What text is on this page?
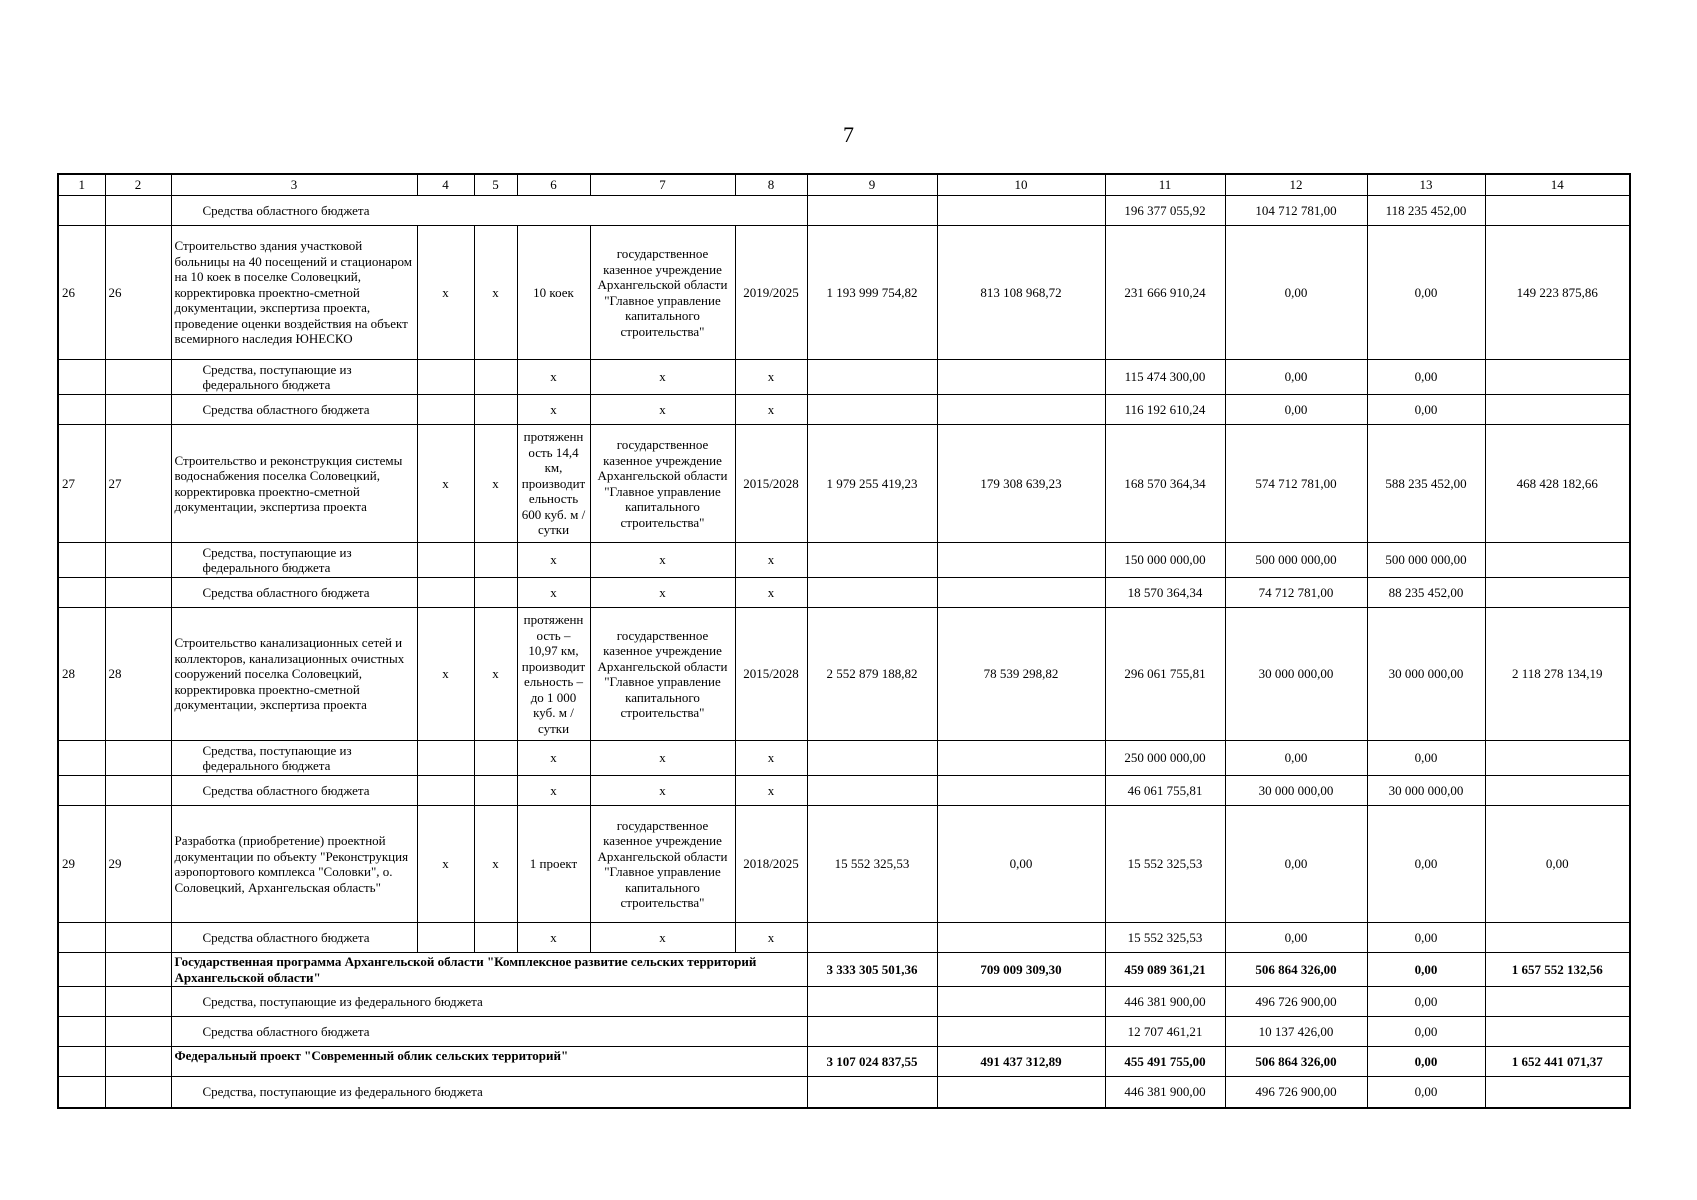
7
1	2	3	4	5	6	7	8	9	10	11	12	13	14
		Средства областного бюджета								196 377 055,92	104 712 781,00	118 235 452,00	
26	26	Строительство здания участковой больницы на 40 посещений и стационаром на 10 коек в поселке Соловецкий, корректировка проектно-сметной документации, экспертиза проекта, проведение оценки воздействия на объект всемирного наследия ЮНЕСКО	x	x	10 коек	государственное казенное учреждение Архангельской области "Главное управление капитального строительства"	2019/2025	1 193 999 754,82	813 108 968,72	231 666 910,24	0,00	0,00	149 223 875,86
		Средства, поступающие из федерального бюджета			x	x	x			115 474 300,00	0,00	0,00	
		Средства областного бюджета			x	x	x			116 192 610,24	0,00	0,00	
27	27	Строительство и реконструкция системы водоснабжения поселка Соловецкий, корректировка проектно-сметной документации, экспертиза проекта	x	x	протяженность 14,4 км, производительность 600 куб. м / сутки	государственное казенное учреждение Архангельской области "Главное управление капитального строительства"	2015/2028	1 979 255 419,23	179 308 639,23	168 570 364,34	574 712 781,00	588 235 452,00	468 428 182,66
		Средства, поступающие из федерального бюджета			x	x	x			150 000 000,00	500 000 000,00	500 000 000,00	
		Средства областного бюджета			x	x	x			18 570 364,34	74 712 781,00	88 235 452,00	
28	28	Строительство канализационных сетей и коллекторов, канализационных очистных сооружений поселка Соловецкий, корректировка проектно-сметной документации, экспертиза проекта	x	x	протяженность – 10,97 км, производительность – до 1 000 куб. м / сутки	государственное казенное учреждение Архангельской области "Главное управление капитального строительства"	2015/2028	2 552 879 188,82	78 539 298,82	296 061 755,81	30 000 000,00	30 000 000,00	2 118 278 134,19
		Средства, поступающие из федерального бюджета			x	x	x			250 000 000,00	0,00	0,00	
		Средства областного бюджета			x	x	x			46 061 755,81	30 000 000,00	30 000 000,00	
29	29	Разработка (приобретение) проектной документации по объекту "Реконструкция аэропортового комплекса "Соловки", о. Соловецкий, Архангельская область"	x	x	1 проект	государственное казенное учреждение Архангельской области "Главное управление капитального строительства"	2018/2025	15 552 325,53	0,00	15 552 325,53	0,00	0,00	0,00
		Средства областного бюджета			x	x	x			15 552 325,53	0,00	0,00	
		Государственная программа Архангельской области "Комплексное развитие сельских территорий Архангельской области"						3 333 305 501,36	709 009 309,30	459 089 361,21	506 864 326,00	0,00	1 657 552 132,56
		Средства, поступающие из федерального бюджета								446 381 900,00	496 726 900,00	0,00	
		Средства областного бюджета								12 707 461,21	10 137 426,00	0,00	
		Федеральный проект "Современный облик сельских территорий"						3 107 024 837,55	491 437 312,89	455 491 755,00	506 864 326,00	0,00	1 652 441 071,37
		Средства, поступающие из федерального бюджета								446 381 900,00	496 726 900,00	0,00	
